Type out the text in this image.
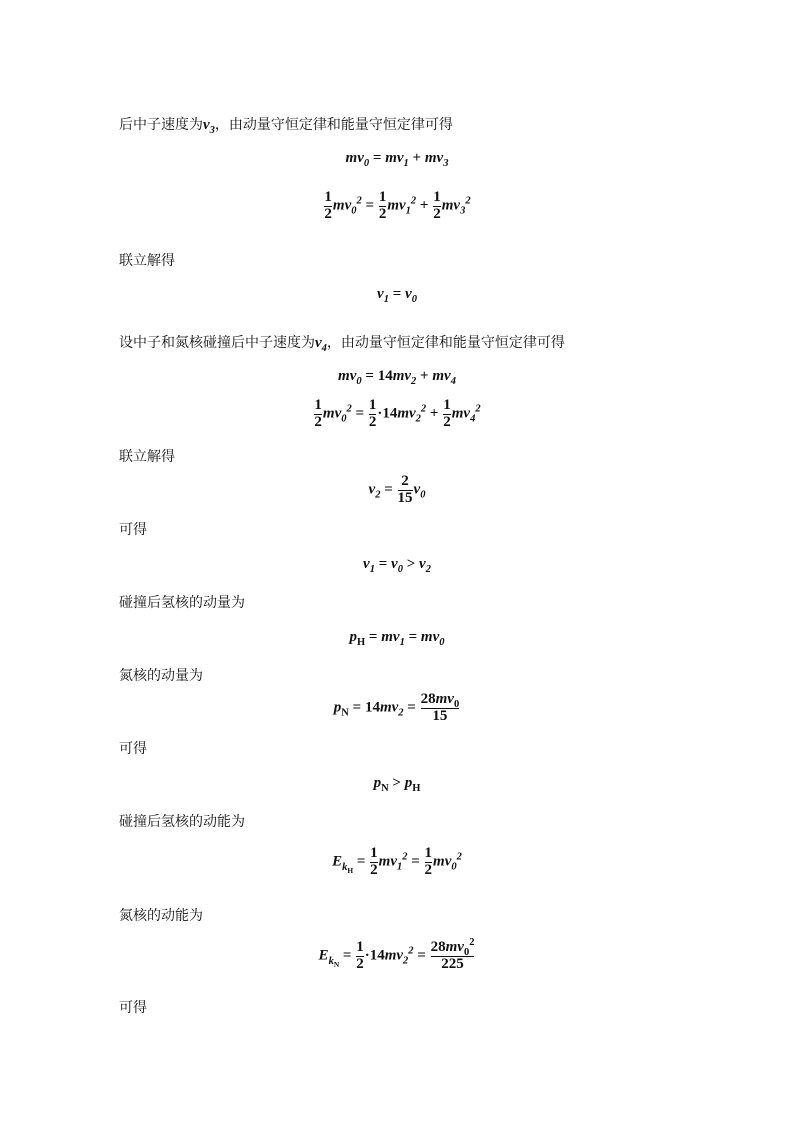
后中子速度为$v_3$，由动量守恒定律和能量守恒定律可得
$mv_0 = mv_1 + mv_3$
$\frac{1}{2} mv_0^2 = \frac{1}{2} mv_1^2 + \frac{1}{2} mv_3^2$
联立解得
$v_1 = v_0$
设中子和氮核碰撞后中子速度为$v_4$，由动量守恒定律和能量守恒定律可得
$mv_0 = 14mv_2 + mv_4$
$\frac{1}{2} mv_0^2 = \frac{1}{2} \cdot 14mv_2^2 + \frac{1}{2} mv_4^2$
联立解得
$v_2 = \frac{2}{15} v_0$
可得
$v_1 = v_0 > v_2$
碰撞后氢核的动量为
$p_H = mv_1 = mv_0$
氮核的动量为
$p_N = 14mv_2 = \frac{28mv_0}{15}$
可得
$p_N > p_H$
碰撞后氢核的动能为
$E_{k_H} = \frac{1}{2} mv_1^2 = \frac{1}{2} mv_0^2$
氮核的动能为
$E_{k_N} = \frac{1}{2} \cdot 14mv_2^2 = \frac{28mv_0^2}{225}$
可得
